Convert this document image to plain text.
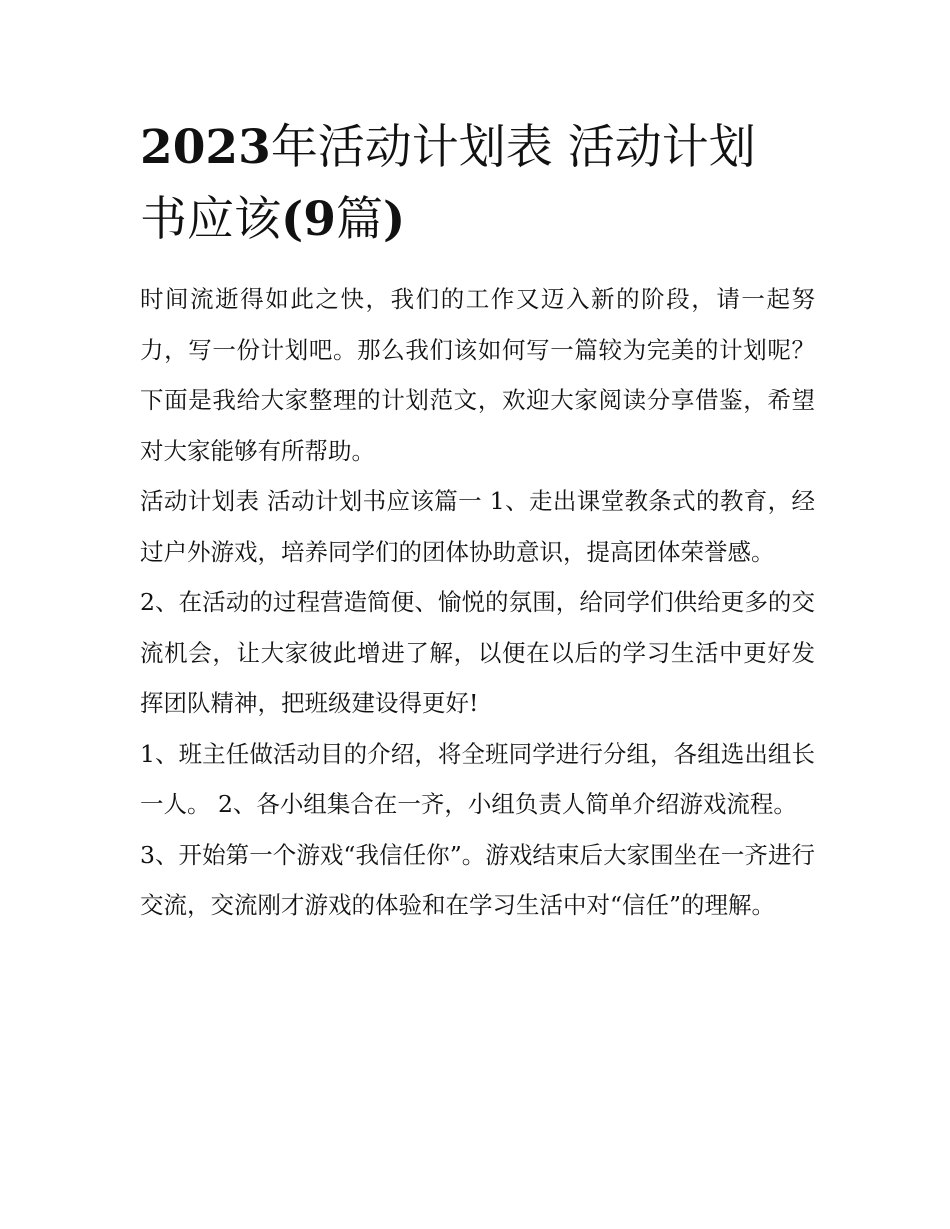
2023年活动计划表 活动计划
书应该(9篇)

时间流逝得如此之快，我们的工作又迈入新的阶段，请一起努力，写一份计划吧。那么我们该如何写一篇较为完美的计划呢？下面是我给大家整理的计划范文，欢迎大家阅读分享借鉴，希望对大家能够有所帮助。

活动计划表 活动计划书应该篇一 1、走出课堂教条式的教育，经过户外游戏，培养同学们的团体协助意识，提高团体荣誉感。

2、在活动的过程营造简便、愉悦的氛围，给同学们供给更多的交流机会，让大家彼此增进了解，以便在以后的学习生活中更好发挥团队精神，把班级建设得更好!

1、班主任做活动目的介绍，将全班同学进行分组，各组选出组长一人。 2、各小组集合在一齐，小组负责人简单介绍游戏流程。

3、开始第一个游戏“我信任你”。游戏结束后大家围坐在一齐进行交流，交流刚才游戏的体验和在学习生活中对“信任”的理解。
